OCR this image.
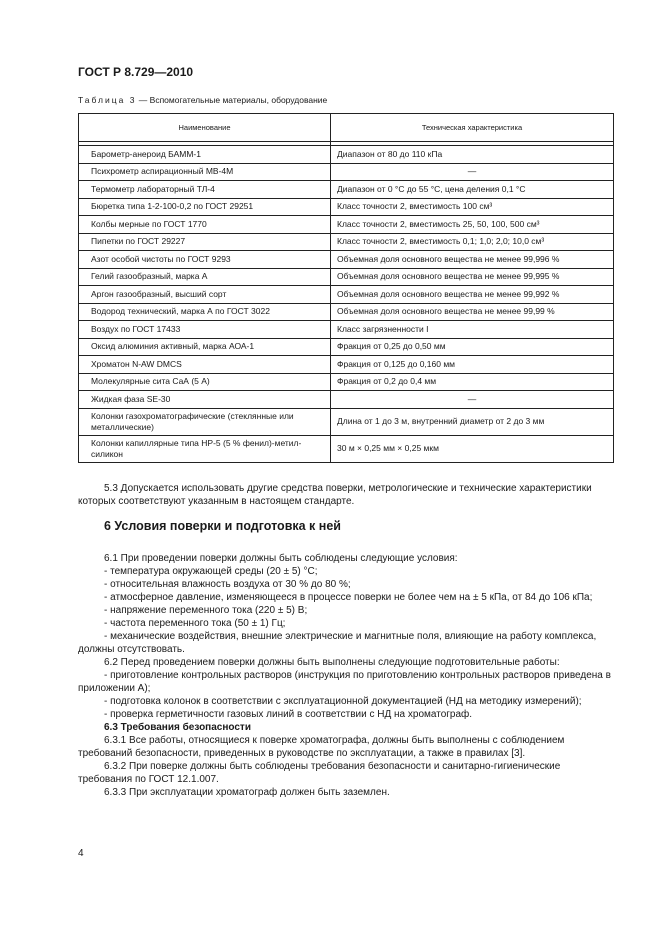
ГОСТ Р 8.729—2010
Таблица 3 — Вспомогательные материалы, оборудование
Наименование	Техническая характеристика

Барометр-анероид БАММ-1	Диапазон от 80 до 110 кПа
Психрометр аспирационный МВ-4М	—
Термометр лабораторный ТЛ-4	Диапазон от 0 °С до 55 °С, цена деления 0,1 °С
Бюретка типа 1-2-100-0,2 по ГОСТ 29251	Класс точности 2, вместимость 100 см³
Колбы мерные по ГОСТ 1770	Класс точности 2, вместимость 25, 50, 100, 500 см³
Пипетки по ГОСТ 29227	Класс точности 2, вместимость 0,1; 1,0; 2,0; 10,0 см³
Азот особой чистоты по ГОСТ 9293	Объемная доля основного вещества не менее 99,996 %
Гелий газообразный, марка А	Объемная доля основного вещества не менее 99,995 %
Аргон газообразный, высший сорт	Объемная доля основного вещества не менее 99,992 %
Водород технический, марка А по ГОСТ 3022	Объемная доля основного вещества не менее 99,99 %
Воздух по ГОСТ 17433	Класс загрязненности I
Оксид алюминия активный, марка АОА-1	Фракция от 0,25 до 0,50 мм
Хроматон N-AW DMCS	Фракция от 0,125 до 0,160 мм
Молекулярные сита СаА (5 А)	Фракция от 0,2 до 0,4 мм
Жидкая фаза SE-30	—
Колонки газохроматографические (стеклянные или металлические)	Длина от 1 до 3 м, внутренний диаметр от 2 до 3 мм
Колонки капиллярные типа НР-5 (5 % фенил)-метил-силикон	30 м × 0,25 мм × 0,25 мкм
5.3 Допускается использовать другие средства поверки, метрологические и технические характеристики которых соответствуют указанным в настоящем стандарте.
6 Условия поверки и подготовка к ней
6.1 При проведении поверки должны быть соблюдены следующие условия:
- температура окружающей среды (20 ± 5) °С;
- относительная влажность воздуха от 30 % до 80 %;
- атмосферное давление, изменяющееся в процессе поверки не более чем на ± 5 кПа, от 84 до 106 кПа;
- напряжение переменного тока (220 ± 5) В;
- частота переменного тока (50 ± 1) Гц;
- механические воздействия, внешние электрические и магнитные поля, влияющие на работу комплекса, должны отсутствовать.
6.2 Перед проведением поверки должны быть выполнены следующие подготовительные работы:
- приготовление контрольных растворов (инструкция по приготовлению контрольных растворов приведена в приложении А);
- подготовка колонок в соответствии с эксплуатационной документацией (НД на методику измерений);
- проверка герметичности газовых линий в соответствии с НД на хроматограф.
6.3 Требования безопасности
6.3.1 Все работы, относящиеся к поверке хроматографа, должны быть выполнены с соблюдением требований безопасности, приведенных в руководстве по эксплуатации, а также в правилах [3].
6.3.2 При поверке должны быть соблюдены требования безопасности и санитарно-гигиенические требования по ГОСТ 12.1.007.
6.3.3 При эксплуатации хроматограф должен быть заземлен.
4
